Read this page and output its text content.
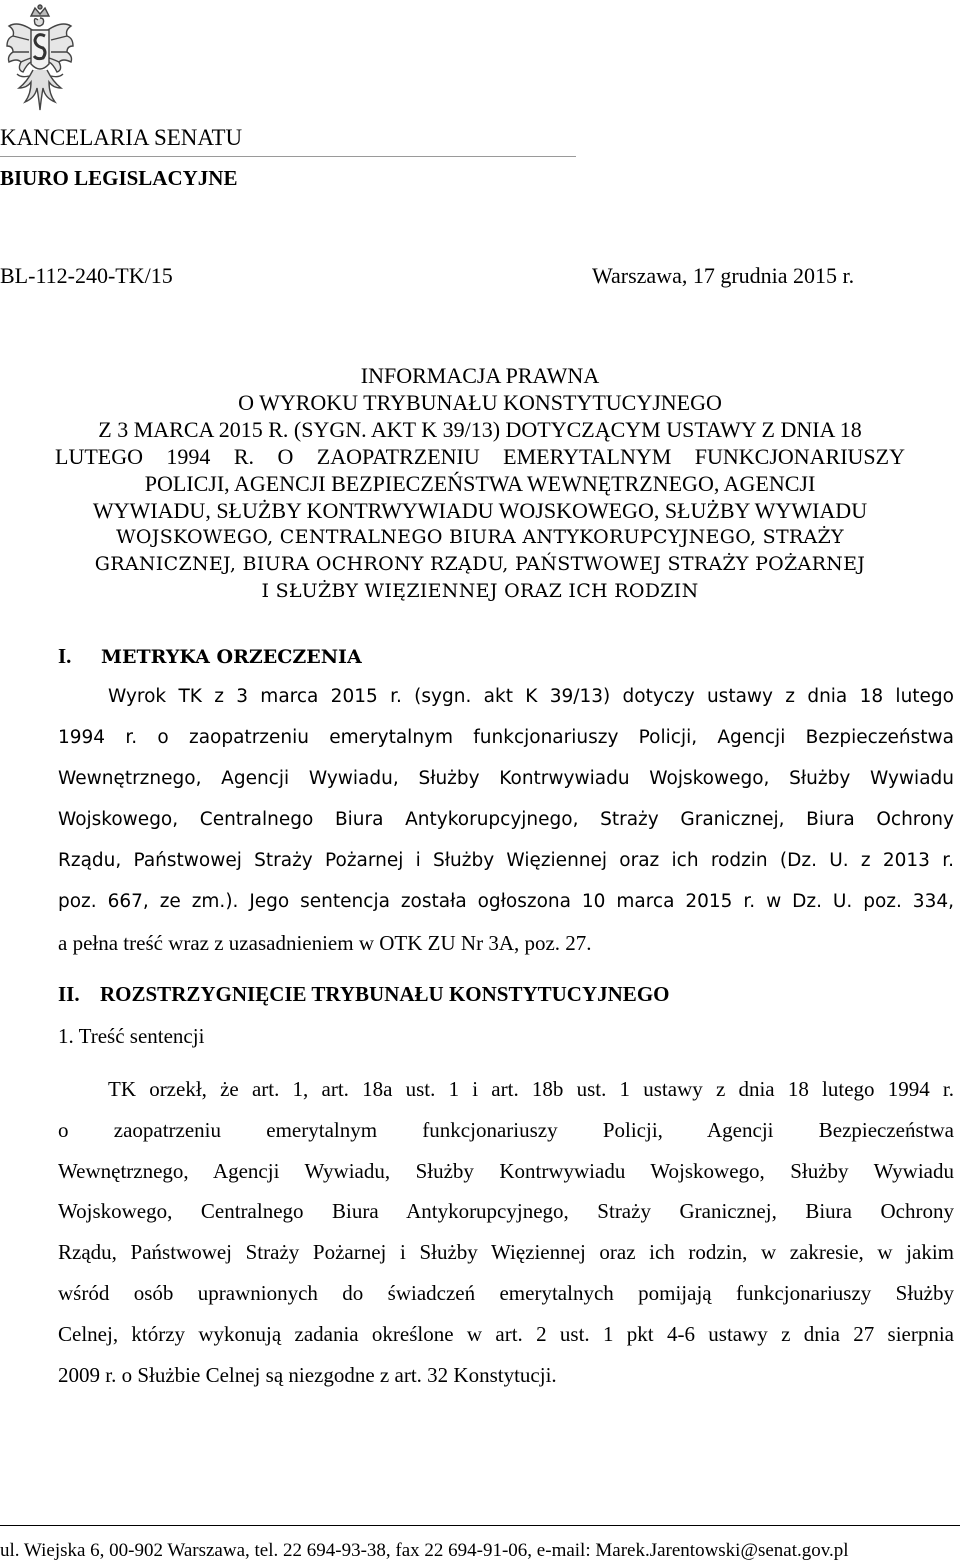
KANCELARIA SENATU
BIURO LEGISLACYJNE
BL-112-240-TK/15	Warszawa, 17 grudnia 2015 r.
INFORMACJA PRAWNA
O WYROKU TRYBUNAŁU KONSTYTUCYJNEGO
Z 3 MARCA 2015 R. (SYGN. AKT K 39/13) DOTYCZĄCYM USTAWY Z DNIA 18
LUTEGO 1994 R. O ZAOPATRZENIU EMERYTALNYM FUNKCJONARIUSZY
POLICJI, AGENCJI BEZPIECZEŃSTWA WEWNĘTRZNEGO, AGENCJI
WYWIADU, SŁUŻBY KONTRWYWIADU WOJSKOWEGO, SŁUŻBY WYWIADU
WOJSKOWEGO, CENTRALNEGO BIURA ANTYKORUPCYJNEGO, STRAŻY
GRANICZNEJ, BIURA OCHRONY RZĄDU, PAŃSTWOWEJ STRAŻY POŻARNEJ
I SŁUŻBY WIĘZIENNEJ ORAZ ICH RODZIN
I. METRYKA ORZECZENIA
Wyrok TK z 3 marca 2015 r. (sygn. akt K 39/13) dotyczy ustawy z dnia 18 lutego
1994 r. o zaopatrzeniu emerytalnym funkcjonariuszy Policji, Agencji Bezpieczeństwa
Wewnętrznego, Agencji Wywiadu, Służby Kontrwywiadu Wojskowego, Służby Wywiadu
Wojskowego, Centralnego Biura Antykorupcyjnego, Straży Granicznej, Biura Ochrony
Rządu, Państwowej Straży Pożarnej i Służby Więziennej oraz ich rodzin (Dz. U. z 2013 r.
poz. 667, ze zm.). Jego sentencja została ogłoszona 10 marca 2015 r. w Dz. U. poz. 334,
a pełna treść wraz z uzasadnieniem w OTK ZU Nr 3A, poz. 27.
II. ROZSTRZYGNIĘCIE TRYBUNAŁU KONSTYTUCYJNEGO
1. Treść sentencji
TK orzekł, że art. 1, art. 18a ust. 1 i art. 18b ust. 1 ustawy z dnia 18 lutego 1994 r.
o zaopatrzeniu emerytalnym funkcjonariuszy Policji, Agencji Bezpieczeństwa
Wewnętrznego, Agencji Wywiadu, Służby Kontrwywiadu Wojskowego, Służby Wywiadu
Wojskowego, Centralnego Biura Antykorupcyjnego, Straży Granicznej, Biura Ochrony
Rządu, Państwowej Straży Pożarnej i Służby Więziennej oraz ich rodzin, w zakresie, w jakim
wśród osób uprawnionych do świadczeń emerytalnych pomijają funkcjonariuszy Służby
Celnej, którzy wykonują zadania określone w art. 2 ust. 1 pkt 4-6 ustawy z dnia 27 sierpnia
2009 r. o Służbie Celnej są niezgodne z art. 32 Konstytucji.
ul. Wiejska 6, 00-902 Warszawa, tel. 22 694-93-38, fax 22 694-91-06, e-mail: Marek.Jarentowski@senat.gov.pl
